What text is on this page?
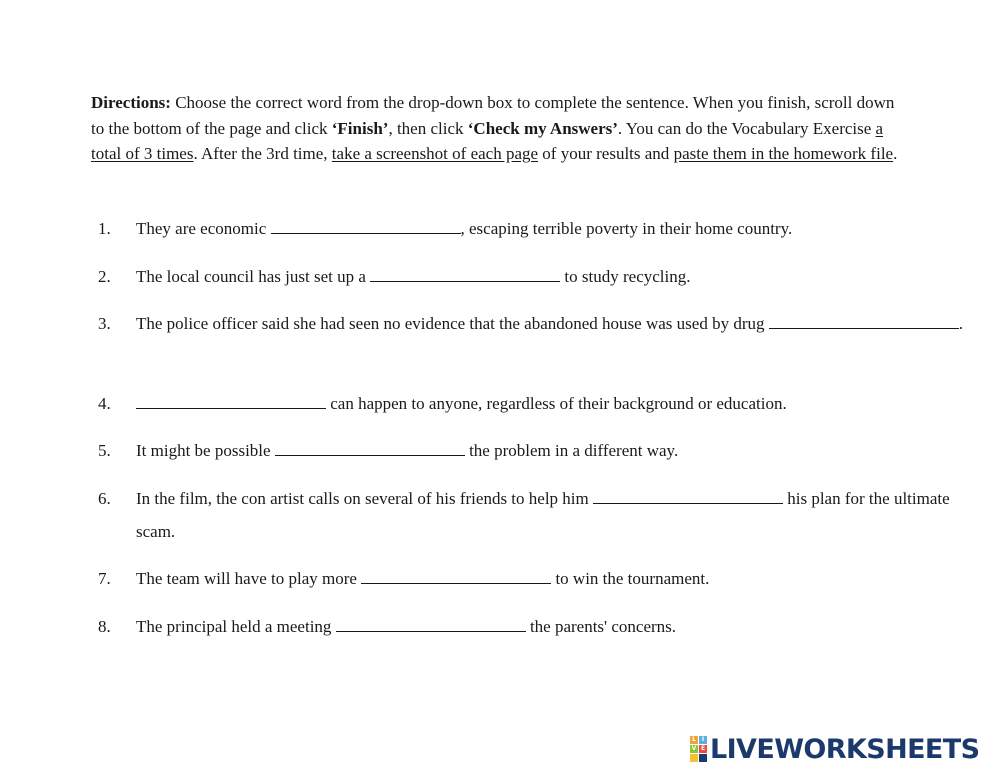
Directions: Choose the correct word from the drop-down box to complete the sentence. When you finish, scroll down to the bottom of the page and click ‘Finish’, then click ‘Check my Answers’. You can do the Vocabulary Exercise a total of 3 times. After the 3rd time, take a screenshot of each page of your results and paste them in the homework file.
1.	They are economic	, escaping terrible poverty in their home country.
2.	The local council has just set up a	to study recycling.
3.	The police officer said she had seen no evidence that the abandoned house was used by drug	.
4.	can happen to anyone, regardless of their background or education.
5.	It might be possible	the problem in a different way.
6.	In the film, the con artist calls on several of his friends to help him	his plan for the ultimate scam.
7.	The team will have to play more	to win the tournament.
8.	The principal held a meeting	the parents' concerns.
L I
V E LIVEWORKSHEETS
